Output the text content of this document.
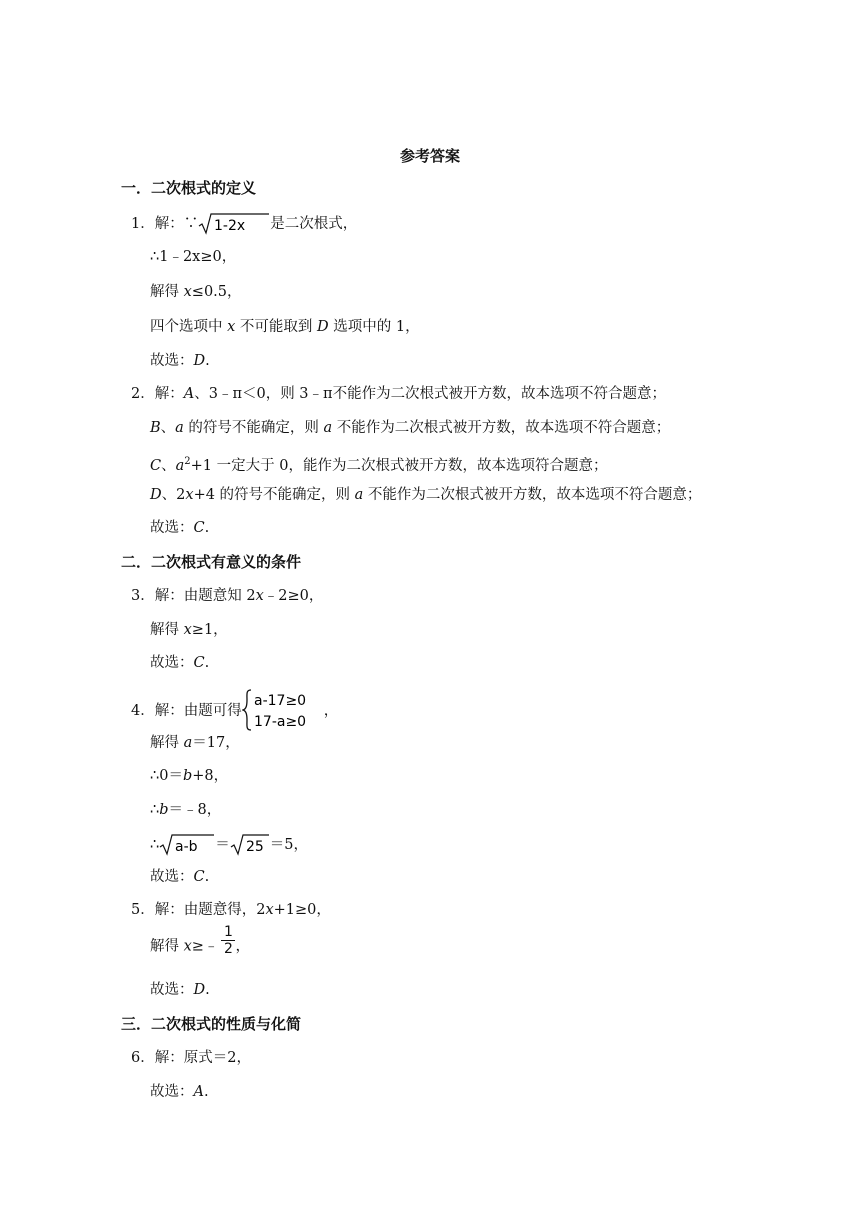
参考答案
一．二次根式的定义
1．解：∵ 1-2x 是二次根式，
∴1﹣2x≥0，
解得 x≤0.5，
四个选项中 x 不可能取到 D 选项中的 1，
故选：D.
2．解：A、3﹣π＜0，则 3﹣π不能作为二次根式被开方数，故本选项不符合题意；
B、a 的符号不能确定，则 a 不能作为二次根式被开方数，故本选项不符合题意；
C、$a^2+1$ 一定大于 0，能作为二次根式被开方数，故本选项符合题意；
D、2x+4 的符号不能确定，则 a 不能作为二次根式被开方数，故本选项不符合题意；
故选：C.
二．二次根式有意义的条件
3．解：由题意知 2x﹣2≥0，
解得 x≥1，
故选：C.
4．解：由题可得
a-17≥0
17-a≥0
，
解得 a＝17，
∴0＝b+8，
∴b＝﹣8，
∴ a-b ＝ 25 ＝5，
故选：C.
5．解：由题意得，2x+1≥0，
解得 x≥﹣ $\frac{1}{2}$ ，
故选：D.
三．二次根式的性质与化简
6．解：原式＝2，
故选：A.
